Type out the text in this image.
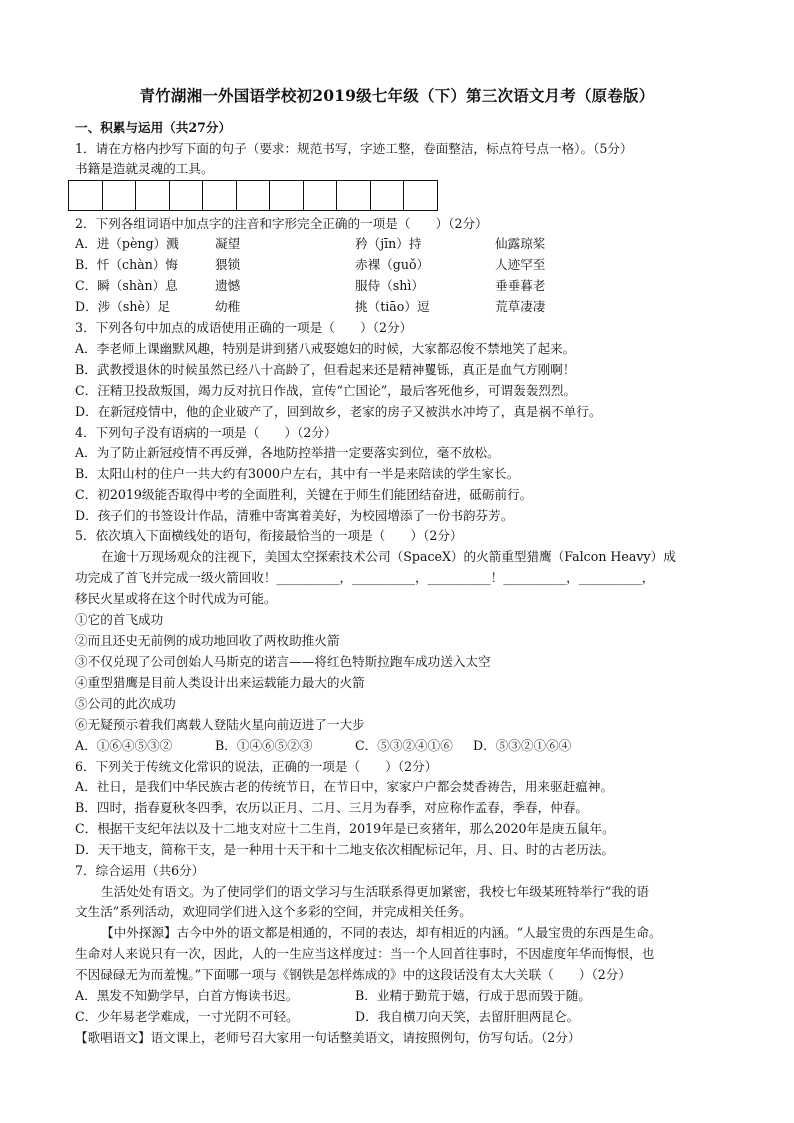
青竹湖湘一外国语学校初2019级七年级（下）第三次语文月考（原卷版）
一、积累与运用（共27分）
1．请在方格内抄写下面的句子（要求：规范书写，字迹工整，卷面整洁，标点符号点一格）。（5分）
书籍是造就灵魂的工具。
2．下列各组词语中加点字的注音和字形完全正确的一项是（　　）（2分）
A．进（pèng）溅	凝望	矜（jīn）持	仙露琼桨
B．忏（chàn）悔	猥锁	赤裸（guǒ）	人迹罕至
C．瞬（shàn）息	遗憾	服侍（shì）	垂垂暮老
D．涉（shè）足	幼稚	挑（tiāo）逗	荒草凄凄
3．下列各句中加点的成语使用正确的一项是（　　）（2分）
A．李老师上课幽默风趣，特别是讲到猪八戒娶媳妇的时候，大家都忍俊不禁地笑了起来。
B．武教授退休的时候虽然已经八十高龄了，但看起来还是精神矍铄，真正是血气方刚啊！
C．汪精卫投敌叛国，竭力反对抗日作战，宣传“亡国论”，最后客死他乡，可谓轰轰烈烈。
D．在新冠疫情中，他的企业破产了，回到故乡，老家的房子又被洪水冲垮了，真是祸不单行。
4．下列句子没有语病的一项是（　　）（2分）
A．为了防止新冠疫情不再反弹，各地防控举措一定要落实到位，毫不放松。
B．太阳山村的住户一共大约有3000户左右，其中有一半是来陪读的学生家长。
C．初2019级能否取得中考的全面胜利，关键在于师生们能团结奋进，砥砺前行。
D．孩子们的书签设计作品，清雅中寄寓着美好，为校园增添了一份书韵芬芳。
5．依次填入下面横线处的语句，衔接最恰当的一项是（　　）（2分）
在逾十万现场观众的注视下，美国太空探索技术公司（SpaceX）的火箭重型猎鹰（Falcon Heavy）成
功完成了首飞并完成一级火箭回收！__________，__________，__________！__________，__________，
移民火星或将在这个时代成为可能。
①它的首飞成功
②而且还史无前例的成功地回收了两枚助推火箭
③不仅兑现了公司创始人马斯克的诺言——将红色特斯拉跑车成功送入太空
④重型猎鹰是目前人类设计出来运载能力最大的火箭
⑤公司的此次成功
⑥无疑预示着我们离载人登陆火星向前迈进了一大步
A．①⑥④⑤③②	B．①④⑥⑤②③	C．⑤③②④①⑥ D．⑤③②①⑥④
6．下列关于传统文化常识的说法，正确的一项是（　　）（2分）
A．社日，是我们中华民族古老的传统节日，在节日中，家家户户都会焚香祷告，用来驱赶瘟神。
B．四时，指春夏秋冬四季，农历以正月、二月、三月为春季，对应称作孟春，季春，仲春。
C．根据干支纪年法以及十二地支对应十二生肖，2019年是已亥猪年，那么2020年是庚五鼠年。
D．天干地支，简称干支，是一种用十天干和十二地支依次相配标记年，月、日、时的古老历法。
7．综合运用（共6分）
生活处处有语文。为了使同学们的语文学习与生活联系得更加紧密，我校七年级某班特举行“我的语
文生活”系列活动，欢迎同学们进入这个多彩的空间，并完成相关任务。
【中外探源】古今中外的语文都是相通的，不同的表达，却有相近的内涵。“人最宝贵的东西是生命。
生命对人来说只有一次，因此，人的一生应当这样度过：当一个人回首往事时，不因虚度年华而悔恨，也
不因碌碌无为而羞愧。”下面哪一项与《钢铁是怎样炼成的》中的这段话没有太大关联（　　）（2分）
A．黑发不知勤学早，白首方悔读书迟。	B．业精于勤荒于嬉，行成于思而毁于随。
C．少年易老学难成，一寸光阴不可轻。	D．我自横刀向天笑，去留肝胆两昆仑。
【歌唱语文】语文课上，老师号召大家用一句话整美语文，请按照例句，仿写句话。（2分）
